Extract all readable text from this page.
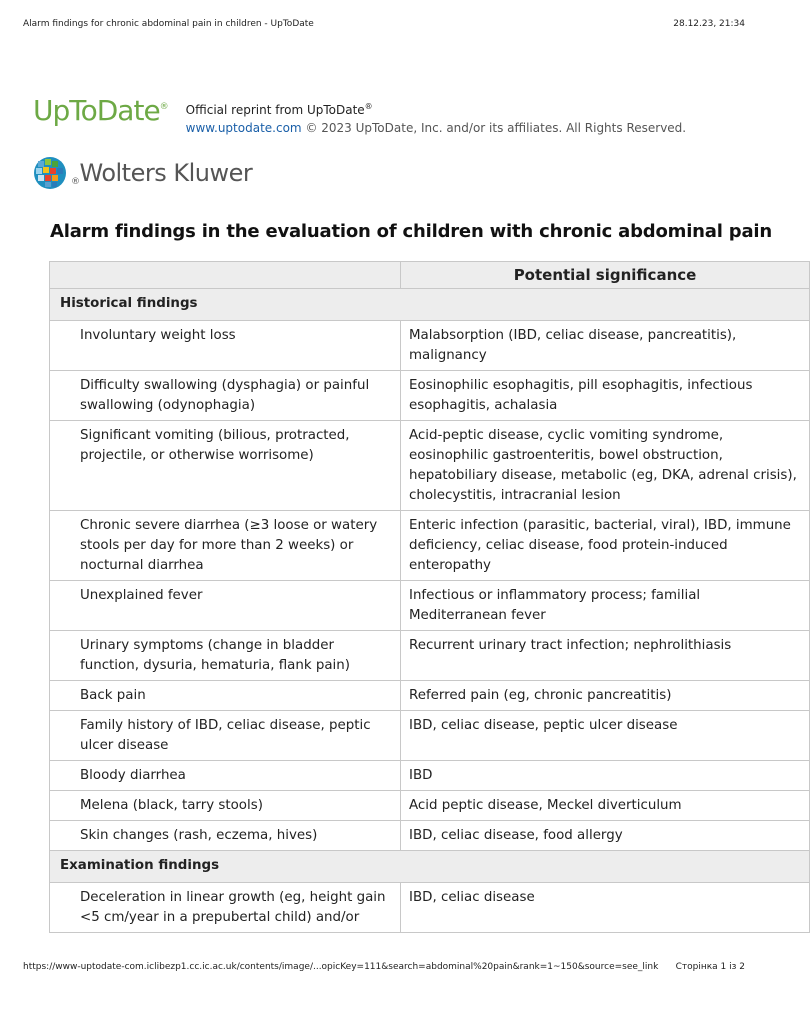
Alarm findings for chronic abdominal pain in children - UpToDate	28.12.23, 21:34
UpToDate® Official reprint from UpToDate®
www.uptodate.com © 2023 UpToDate, Inc. and/or its affiliates. All Rights Reserved.
®Wolters Kluwer
Alarm findings in the evaluation of children with chronic abdominal pain
	Potential significance
Historical findings	
Involuntary weight loss	Malabsorption (IBD, celiac disease, pancreatitis), malignancy
Difficulty swallowing (dysphagia) or painful swallowing (odynophagia)	Eosinophilic esophagitis, pill esophagitis, infectious esophagitis, achalasia
Significant vomiting (bilious, protracted, projectile, or otherwise worrisome)	Acid-peptic disease, cyclic vomiting syndrome, eosinophilic gastroenteritis, bowel obstruction, hepatobiliary disease, metabolic (eg, DKA, adrenal crisis), cholecystitis, intracranial lesion
Chronic severe diarrhea (≥3 loose or watery stools per day for more than 2 weeks) or nocturnal diarrhea	Enteric infection (parasitic, bacterial, viral), IBD, immune deficiency, celiac disease, food protein-induced enteropathy
Unexplained fever	Infectious or inflammatory process; familial Mediterranean fever
Urinary symptoms (change in bladder function, dysuria, hematuria, flank pain)	Recurrent urinary tract infection; nephrolithiasis
Back pain	Referred pain (eg, chronic pancreatitis)
Family history of IBD, celiac disease, peptic ulcer disease	IBD, celiac disease, peptic ulcer disease
Bloody diarrhea	IBD
Melena (black, tarry stools)	Acid peptic disease, Meckel diverticulum
Skin changes (rash, eczema, hives)	IBD, celiac disease, food allergy
Examination findings	
Deceleration in linear growth (eg, height gain <5 cm/year in a prepubertal child) and/or	IBD, celiac disease
https://www-uptodate-com.iclibezp1.cc.ic.ac.uk/contents/image/...opicKey=111&search=abdominal%20pain&rank=1~150&source=see_link Сторінка 1 із 2
